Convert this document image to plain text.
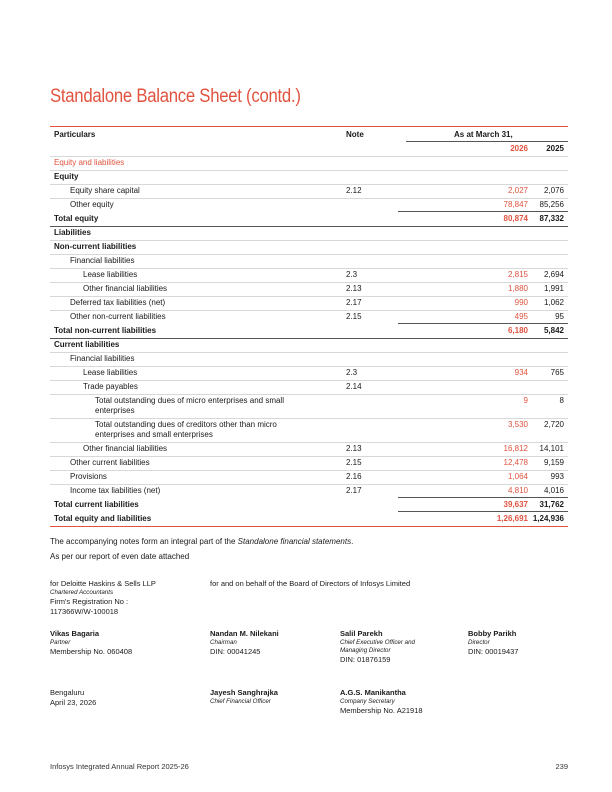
Standalone Balance Sheet (contd.)
Particulars	Note	As at March 31,
2026	2025
Equity and liabilities
Equity
Equity share capital	2.12	2,027	2,076
Other equity	78,847	85,256
Total equity	80,874	87,332
Liabilities
Non-current liabilities
Financial liabilities
Lease liabilities	2.3	2,815	2,694
Other financial liabilities	2.13	1,880	1,991
Deferred tax liabilities (net)	2.17	990	1,062
Other non-current liabilities	2.15	495	95
Total non-current liabilities	6,180	5,842
Current liabilities
Financial liabilities
Lease liabilities	2.3	934	765
Trade payables	2.14
Total outstanding dues of micro enterprises and small enterprises
9	8
Total outstanding dues of creditors other than micro enterprises and small enterprises
3,530	2,720
Other financial liabilities	2.13	16,812	14,101
Other current liabilities	2.15	12,478	9,159
Provisions	2.16	1,064	993
Income tax liabilities (net)	2.17	4,810	4,016
Total current liabilities	39,637	31,762
Total equity and liabilities	1,26,691 1,24,936
The accompanying notes form an integral part of the Standalone financial statements.
As per our report of even date attached
for Deloitte Haskins & Sells LLP
Chartered Accountants
Firm's Registration No :
117366W/W-100018
for and on behalf of the Board of Directors of Infosys Limited
Vikas Bagaria
Partner
Membership No. 060408
Nandan M. Nilekani
Chairman
DIN: 00041245
Salil Parekh
Chief Executive Officer and Managing Director
DIN: 01876159
Bobby Parikh
Director
DIN: 00019437
Bengaluru
April 23, 2026
Jayesh Sanghrajka
Chief Financial Officer
A.G.S. Manikantha
Company Secretary
Membership No. A21918
Infosys Integrated Annual Report 2025-26	239
